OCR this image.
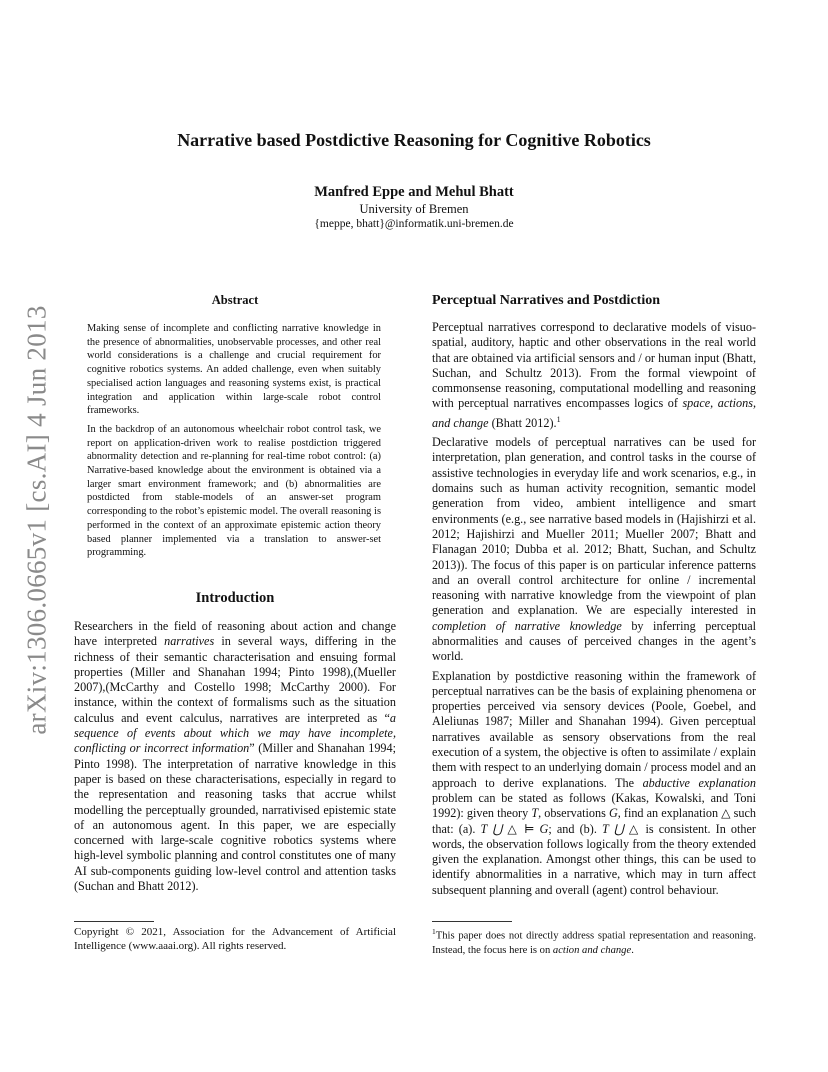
arXiv:1306.0665v1 [cs.AI] 4 Jun 2013
Narrative based Postdictive Reasoning for Cognitive Robotics
Manfred Eppe and Mehul Bhatt
University of Bremen
{meppe, bhatt}@informatik.uni-bremen.de
Abstract

Making sense of incomplete and conflicting narrative knowledge in the presence of abnormalities, unobservable processes, and other real world considerations is a challenge and crucial requirement for cognitive robotics systems. An added challenge, even when suitably specialised action languages and reasoning systems exist, is practical integration and application within large-scale robot control frameworks.

In the backdrop of an autonomous wheelchair robot control task, we report on application-driven work to realise postdiction triggered abnormality detection and re-planning for real-time robot control: (a) Narrative-based knowledge about the environment is obtained via a larger smart environment framework; and (b) abnormalities are postdicted from stable-models of an answer-set program corresponding to the robot’s epistemic model. The overall reasoning is performed in the context of an approximate epistemic action theory based planner implemented via a translation to answer-set programming.

Introduction

Researchers in the field of reasoning about action and change have interpreted narratives in several ways, differing in the richness of their semantic characterisation and ensuing formal properties (Miller and Shanahan 1994; Pinto 1998),(Mueller 2007),(McCarthy and Costello 1998; McCarthy 2000). For instance, within the context of formalisms such as the situation calculus and event calculus, narratives are interpreted as “a sequence of events about which we may have incomplete, conflicting or incorrect information” (Miller and Shanahan 1994; Pinto 1998). The interpretation of narrative knowledge in this paper is based on these characterisations, especially in regard to the representation and reasoning tasks that accrue whilst modelling the perceptually grounded, narrativised epistemic state of an autonomous agent. In this paper, we are especially concerned with large-scale cognitive robotics systems where high-level symbolic planning and control constitutes one of many AI sub-components guiding low-level control and attention tasks (Suchan and Bhatt 2012).

Perceptual Narratives and Postdiction

Perceptual narratives correspond to declarative models of visuo-spatial, auditory, haptic and other observations in the real world that are obtained via artificial sensors and / or human input (Bhatt, Suchan, and Schultz 2013). From the formal viewpoint of commonsense reasoning, computational modelling and reasoning with perceptual narratives encompasses logics of space, actions, and change (Bhatt 2012).$^1$

Declarative models of perceptual narratives can be used for interpretation, plan generation, and control tasks in the course of assistive technologies in everyday life and work scenarios, e.g., in domains such as human activity recognition, semantic model generation from video, ambient intelligence and smart environments (e.g., see narrative based models in (Hajishirzi et al. 2012; Hajishirzi and Mueller 2011; Mueller 2007; Bhatt and Flanagan 2010; Dubba et al. 2012; Bhatt, Suchan, and Schultz 2013)). The focus of this paper is on particular inference patterns and an overall control architecture for online / incremental reasoning with narrative knowledge from the viewpoint of plan generation and explanation. We are especially interested in completion of narrative knowledge by inferring perceptual abnormalities and causes of perceived changes in the agent’s world.

Explanation by postdictive reasoning within the framework of perceptual narratives can be the basis of explaining phenomena or properties perceived via sensory devices (Poole, Goebel, and Aleliunas 1987; Miller and Shanahan 1994). Given perceptual narratives available as sensory observations from the real execution of a system, the objective is often to assimilate / explain them with respect to an underlying domain / process model and an approach to derive explanations. The abductive explanation problem can be stated as follows (Kakas, Kowalski, and Toni 1992): given theory T, observations G, find an explanation △ such that: (a). T ⋃ △ ⊨ G; and (b). T ⋃ △ is consistent. In other words, the observation follows logically from the theory extended given the explanation. Amongst other things, this can be used to identify abnormalities in a narrative, which may in turn affect subsequent planning and overall (agent) control behaviour.

Copyright © 2021, Association for the Advancement of Artificial Intelligence (www.aaai.org). All rights reserved.
$^1$This paper does not directly address spatial representation and reasoning. Instead, the focus here is on action and change.
